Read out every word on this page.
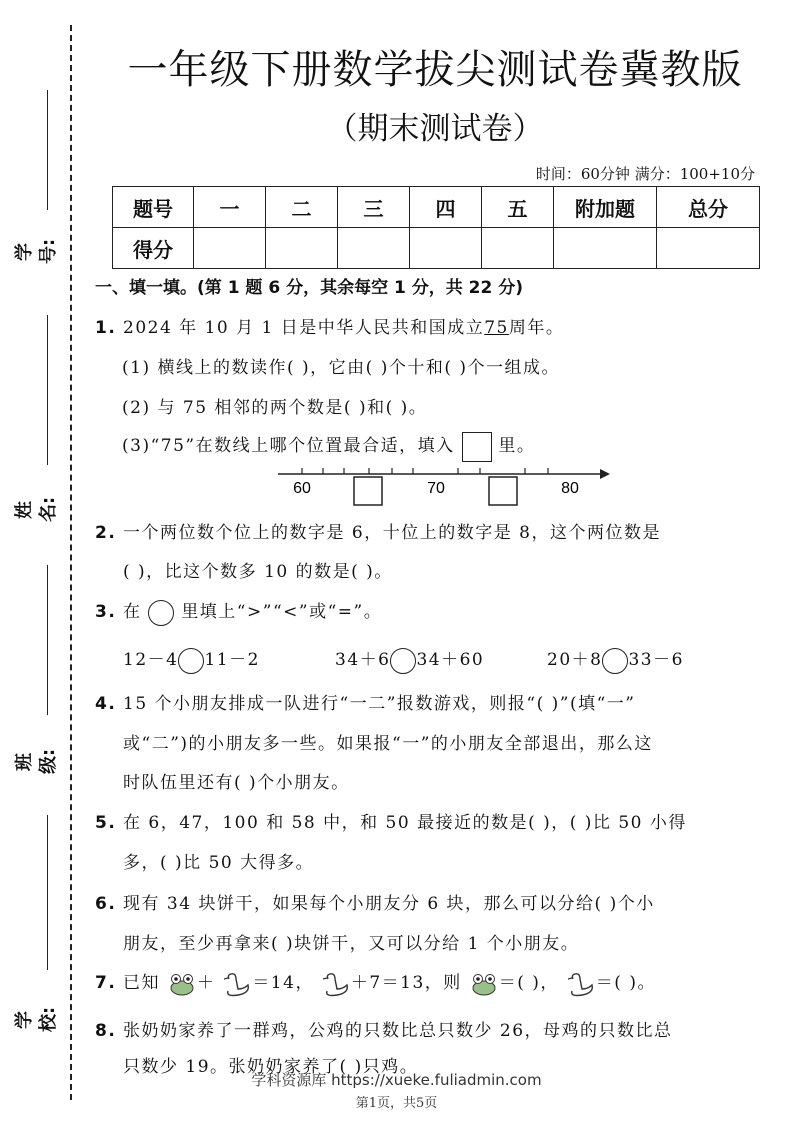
学号:
姓名:
班级:
学校:
一年级下册数学拔尖测试卷冀教版
（期末测试卷）
时间：60分钟 满分：100+10分
题号	一	二	三	四	五	附加题	总分
得分							
一、填一填。(第 1 题 6 分，其余每空 1 分，共 22 分)
1. 2024 年 10 月 1 日是中华人民共和国成立75周年。
(1) 横线上的数读作( )，它由( )个十和( )个一组成。
(2) 与 75 相邻的两个数是( )和( )。
(3)“75”在数线上哪个位置最合适，填入	里。
60	70	80
2. 一个两位数个位上的数字是 6，十位上的数字是 8，这个两位数是
( )，比这个数多 10 的数是( )。
3. 在 里填上“>”“<”或“=”。
12－4 11－2	34＋6 34＋60	20＋8 33－6
4. 15 个小朋友排成一队进行“一二”报数游戏，则报“( )”(填“一”
或“二”)的小朋友多一些。如果报“一”的小朋友全部退出，那么这
时队伍里还有( )个小朋友。
5. 在 6，47，100 和 58 中，和 50 最接近的数是( )，( )比 50 小得
多，( )比 50 大得多。
6. 现有 34 块饼干，如果每个小朋友分 6 块，那么可以分给( )个小
朋友，至少再拿来( )块饼干，又可以分给 1 个小朋友。
7. 已知 ＋ ＝14， ＋7＝13，则 ＝( )， ＝( )。
8. 张奶奶家养了一群鸡，公鸡的只数比总只数少 26，母鸡的只数比总
只数少 19。张奶奶家养了( )只鸡。
学科资源库 https://xueke.fuliadmin.com
第1页，共5页
